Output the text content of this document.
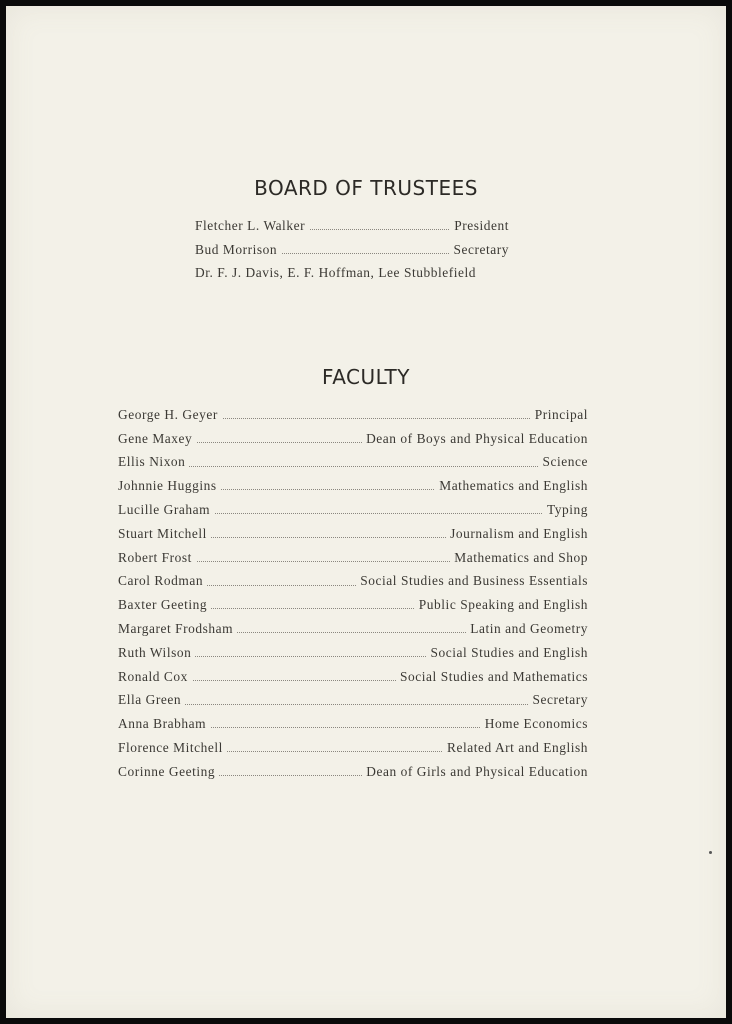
BOARD OF TRUSTEES
Fletcher L. Walker	President
Bud Morrison	Secretary
Dr. F. J. Davis, E. F. Hoffman, Lee Stubblefield
FACULTY
George H. Geyer	Principal
Gene Maxey	Dean of Boys and Physical Education
Ellis Nixon	Science
Johnnie Huggins	Mathematics and English
Lucille Graham	Typing
Stuart Mitchell	Journalism and English
Robert Frost	Mathematics and Shop
Carol Rodman	Social Studies and Business Essentials
Baxter Geeting	Public Speaking and English
Margaret Frodsham	Latin and Geometry
Ruth Wilson	Social Studies and English
Ronald Cox	Social Studies and Mathematics
Ella Green	Secretary
Anna Brabham	Home Economics
Florence Mitchell	Related Art and English
Corinne Geeting	Dean of Girls and Physical Education
